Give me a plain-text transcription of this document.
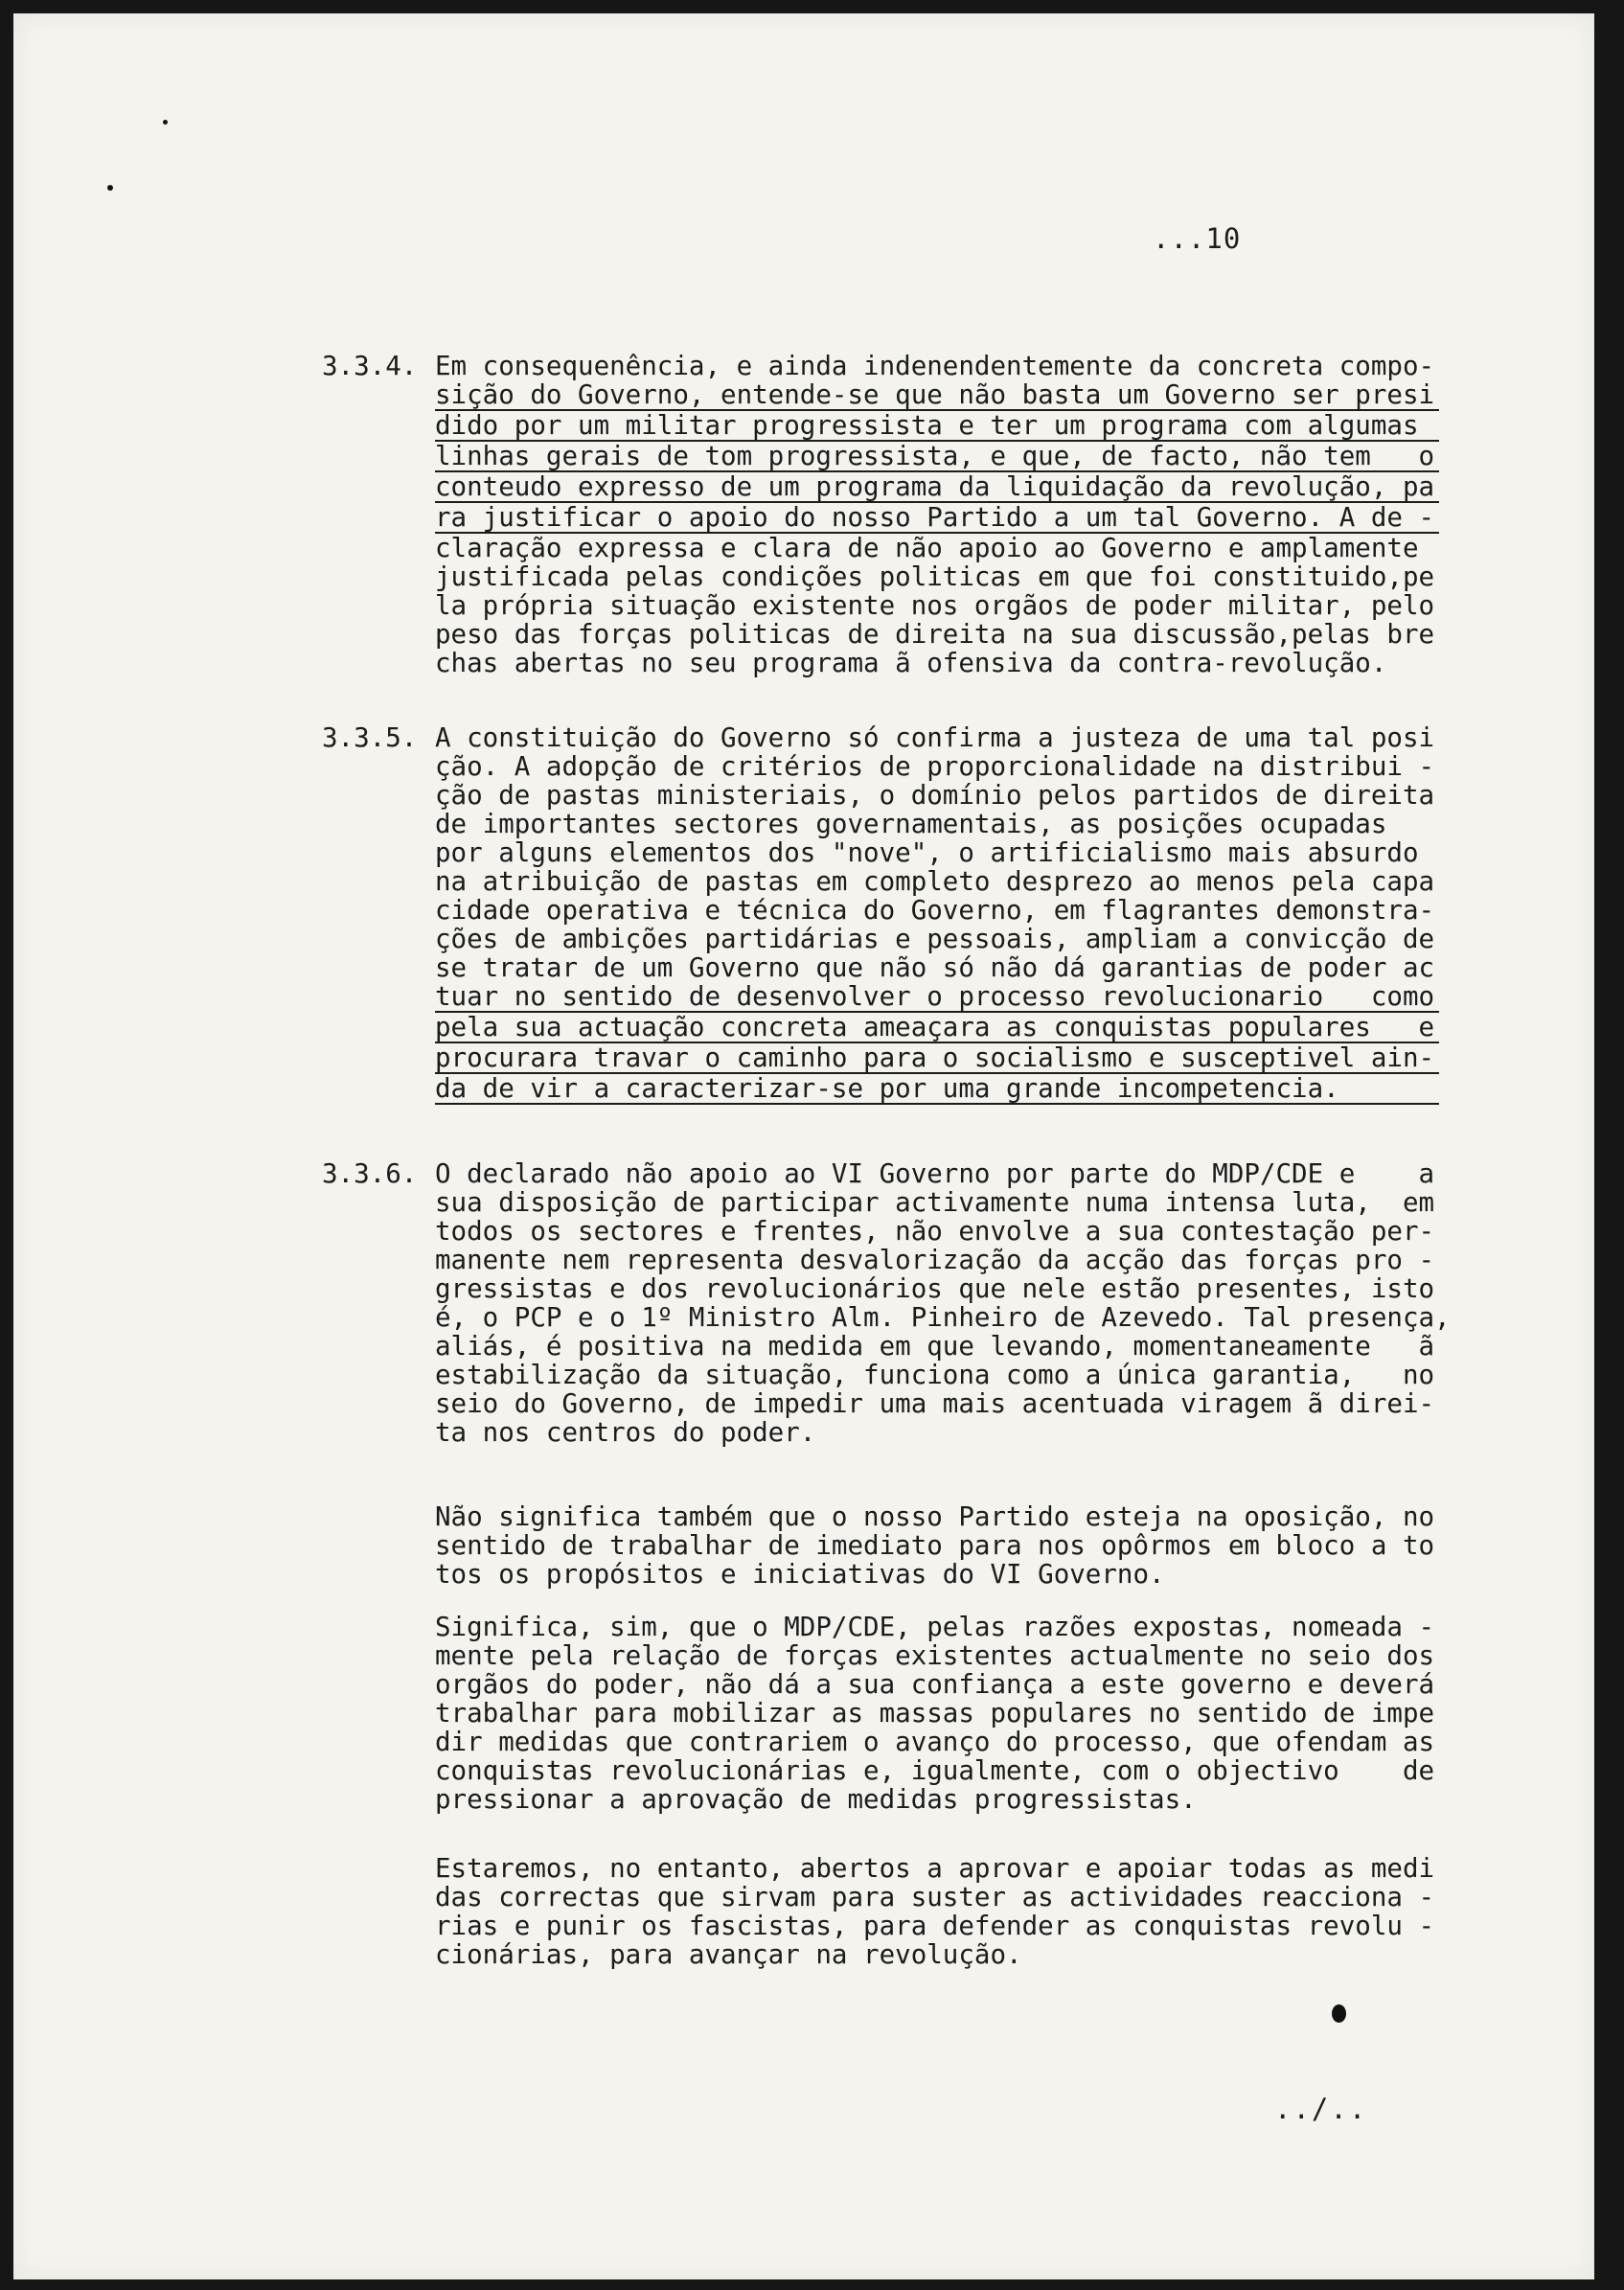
...10
3.3.4. Em consequenência, e ainda indenendentemente da concreta compo-
sição do Governo, entende-se que não basta um Governo ser presi
dido por um militar progressista e ter um programa com algumas
linhas gerais de tom progressista, e que, de facto, não tem   o
conteudo expresso de um programa da liquidação da revolução, pa
ra justificar o apoio do nosso Partido a um tal Governo. A de -
claração expressa e clara de não apoio ao Governo e amplamente
justificada pelas condições politicas em que foi constituido,pe
la própria situação existente nos orgãos de poder militar, pelo
peso das forças politicas de direita na sua discussão,pelas bre
chas abertas no seu programa ã ofensiva da contra-revolução.
3.3.5. A constituição do Governo só confirma a justeza de uma tal posi
ção. A adopção de critérios de proporcionalidade na distribui -
ção de pastas ministeriais, o domínio pelos partidos de direita
de importantes sectores governamentais, as posições ocupadas
por alguns elementos dos "nove", o artificialismo mais absurdo
na atribuição de pastas em completo desprezo ao menos pela capa
cidade operativa e técnica do Governo, em flagrantes demonstra-
ções de ambições partidárias e pessoais, ampliam a convicção de
se tratar de um Governo que não só não dá garantias de poder ac
tuar no sentido de desenvolver o processo revolucionario   como
pela sua actuação concreta ameaçara as conquistas populares   e
procurara travar o caminho para o socialismo e susceptivel ain-
da de vir a caracterizar-se por uma grande incompetencia.
3.3.6. O declarado não apoio ao VI Governo por parte do MDP/CDE e    a
sua disposição de participar activamente numa intensa luta,  em
todos os sectores e frentes, não envolve a sua contestação per-
manente nem representa desvalorização da acção das forças pro -
gressistas e dos revolucionários que nele estão presentes, isto
é, o PCP e o 1º Ministro Alm. Pinheiro de Azevedo. Tal presença,
aliás, é positiva na medida em que levando, momentaneamente   ã
estabilização da situação, funciona como a única garantia,   no
seio do Governo, de impedir uma mais acentuada viragem ã direi-
ta nos centros do poder.
Não significa também que o nosso Partido esteja na oposição, no
sentido de trabalhar de imediato para nos opôrmos em bloco a to
tos os propósitos e iniciativas do VI Governo.
Significa, sim, que o MDP/CDE, pelas razões expostas, nomeada -
mente pela relação de forças existentes actualmente no seio dos
orgãos do poder, não dá a sua confiança a este governo e deverá
trabalhar para mobilizar as massas populares no sentido de impe
dir medidas que contrariem o avanço do processo, que ofendam as
conquistas revolucionárias e, igualmente, com o objectivo    de
pressionar a aprovação de medidas progressistas.
Estaremos, no entanto, abertos a aprovar e apoiar todas as medi
das correctas que sirvam para suster as actividades reacciona -
rias e punir os fascistas, para defender as conquistas revolu -
cionárias, para avançar na revolução.
../..
